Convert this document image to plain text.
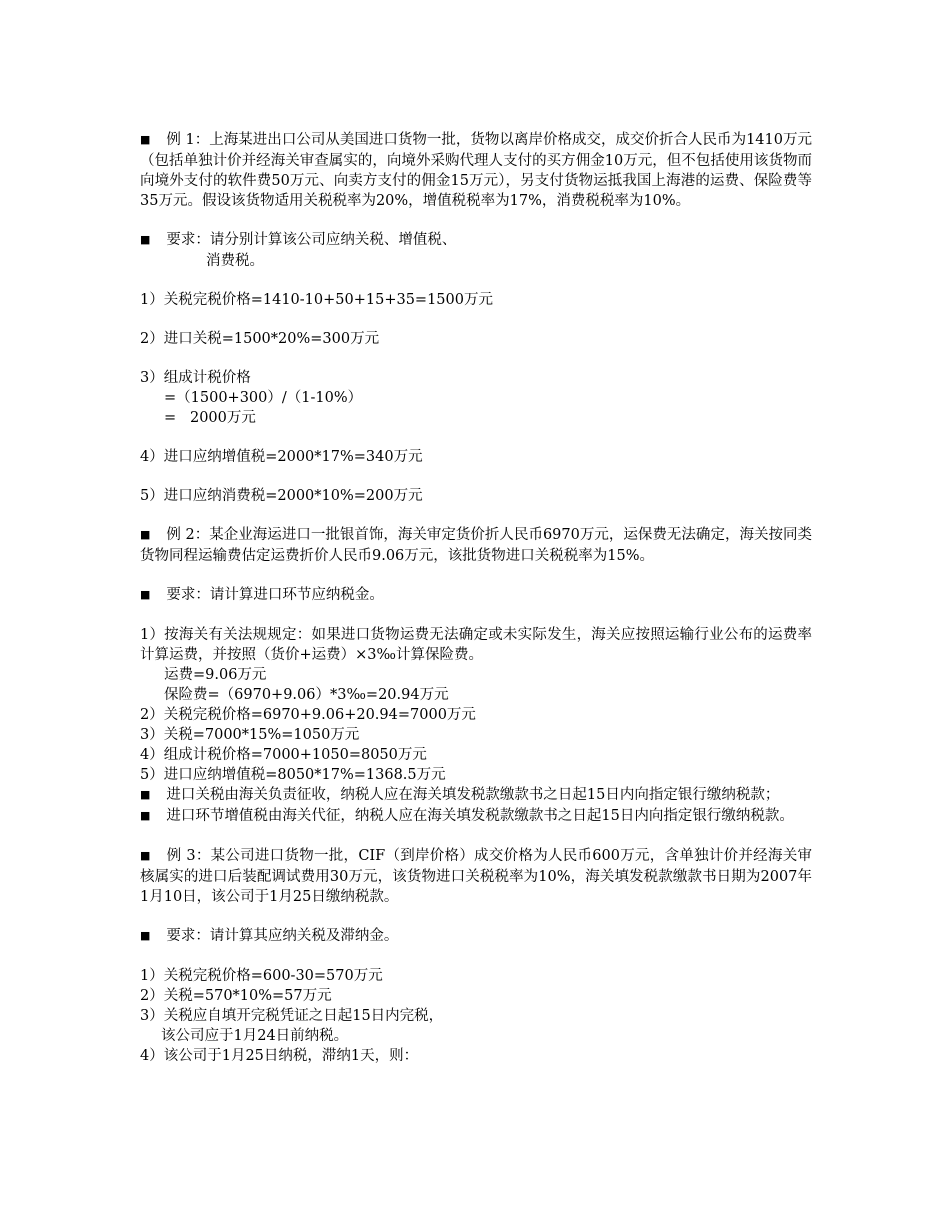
■ 例 1：上海某进出口公司从美国进口货物一批，货物以离岸价格成交，成交价折合人民币为1410万元（包括单独计价并经海关审查属实的，向境外采购代理人支付的买方佣金10万元，但不包括使用该货物而向境外支付的软件费50万元、向卖方支付的佣金15万元），另支付货物运抵我国上海港的运费、保险费等35万元。假设该货物适用关税税率为20%，增值税税率为17%，消费税税率为10%。

■ 要求：请分别计算该公司应纳关税、增值税、

消费税。

1）关税完税价格=1410-10+50+15+35=1500万元

2）进口关税=1500*20%=300万元

3）组成计税价格

=（1500+300）/（1-10%）

=   2000万元

4）进口应纳增值税=2000*17%=340万元

5）进口应纳消费税=2000*10%=200万元

■ 例 2：某企业海运进口一批银首饰，海关审定货价折人民币6970万元，运保费无法确定，海关按同类货物同程运输费估定运费折价人民币9.06万元，该批货物进口关税税率为15%。

■ 要求：请计算进口环节应纳税金。

1）按海关有关法规规定：如果进口货物运费无法确定或未实际发生，海关应按照运输行业公布的运费率计算运费，并按照（货价+运费）×3‰计算保险费。

运费=9.06万元

保险费=（6970+9.06）*3‰=20.94万元

2）关税完税价格=6970+9.06+20.94=7000万元

3）关税=7000*15%=1050万元

4）组成计税价格=7000+1050=8050万元

5）进口应纳增值税=8050*17%=1368.5万元

■ 进口关税由海关负责征收，纳税人应在海关填发税款缴款书之日起15日内向指定银行缴纳税款；

■ 进口环节增值税由海关代征，纳税人应在海关填发税款缴款书之日起15日内向指定银行缴纳税款。

■ 例 3：某公司进口货物一批，CIF（到岸价格）成交价格为人民币600万元，含单独计价并经海关审核属实的进口后装配调试费用30万元，该货物进口关税税率为10%，海关填发税款缴款书日期为2007年1月10日，该公司于1月25日缴纳税款。

■ 要求：请计算其应纳关税及滞纳金。

1）关税完税价格=600-30=570万元

2）关税=570*10%=57万元

3）关税应自填开完税凭证之日起15日内完税，

该公司应于1月24日前纳税。

4）该公司于1月25日纳税，滞纳1天，则：
